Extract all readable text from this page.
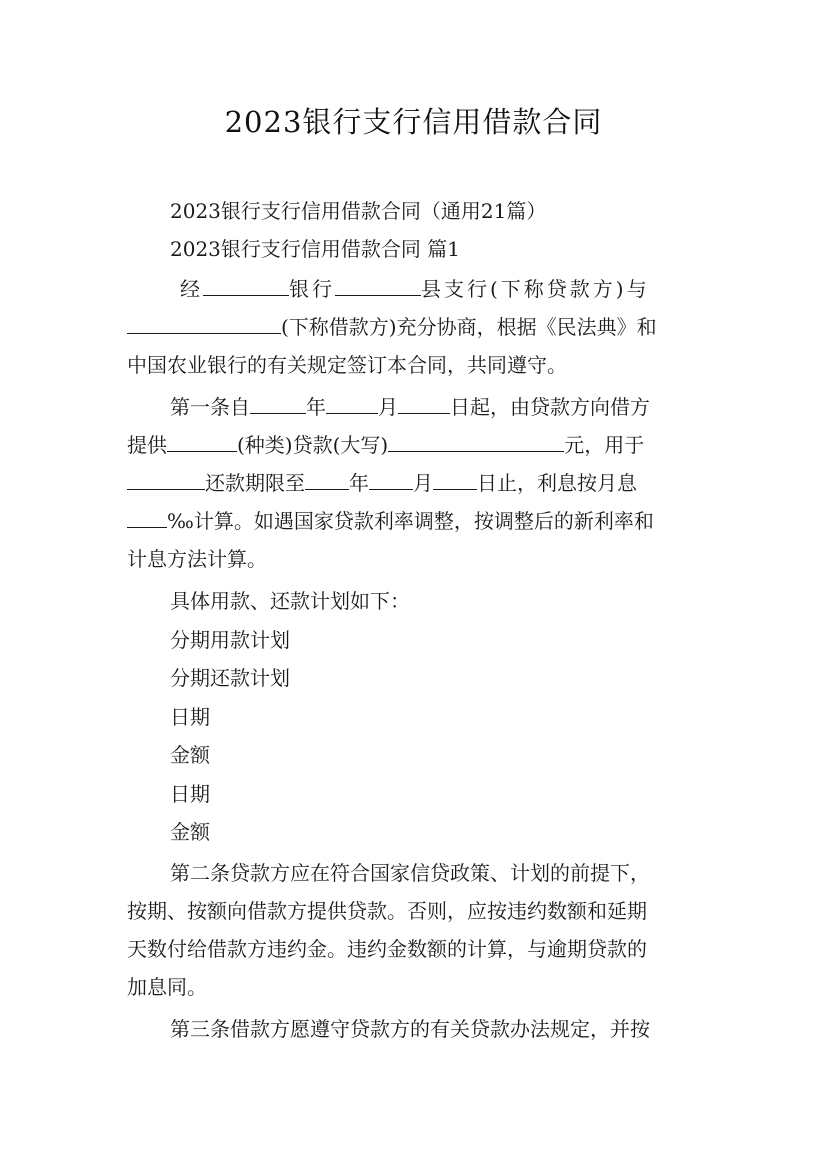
2023银行支行信用借款合同
2023银行支行信用借款合同（通用21篇）
2023银行支行信用借款合同 篇1
经	银行	县支行(下称贷款方)与
(下称借款方)充分协商，根据《民法典》和
中国农业银行的有关规定签订本合同，共同遵守。
第一条自	年	月	日起，由贷款方向借方
提供	(种类)贷款(大写)	元，用于
还款期限至 年 月 日止，利息按月息
‰计算。如遇国家贷款利率调整，按调整后的新利率和
计息方法计算。
具体用款、还款计划如下：
分期用款计划
分期还款计划
日期
金额
日期
金额
第二条贷款方应在符合国家信贷政策、计划的前提下，
按期、按额向借款方提供贷款。否则，应按违约数额和延期
天数付给借款方违约金。违约金数额的计算，与逾期贷款的
加息同。
第三条借款方愿遵守贷款方的有关贷款办法规定，并按
